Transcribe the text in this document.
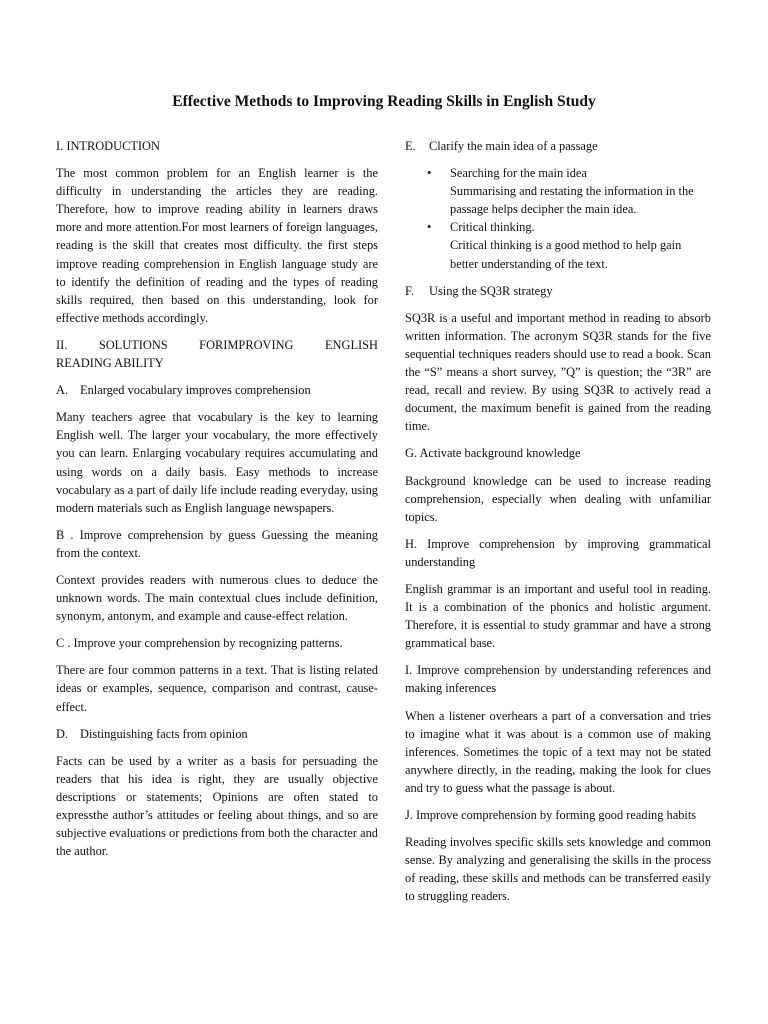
Effective Methods to Improving Reading Skills in English Study

I. INTRODUCTION

The most common problem for an English learner is the difficulty in understanding the articles they are reading. Therefore, how to improve reading ability in learners draws more and more attention.For most learners of foreign languages, reading is the skill that creates most difficulty. the first steps improve reading comprehension in English language study are to identify the definition of reading and the types of reading skills required, then based on this understanding, look for effective methods accordingly.

II. SOLUTIONS FORIMPROVING ENGLISH
READING ABILITY

A. Enlarged vocabulary improves comprehension

Many teachers agree that vocabulary is the key to learning English well. The larger your vocabulary, the more effectively you can learn. Enlarging vocabulary requires accumulating and using words on a daily basis. Easy methods to increase vocabulary as a part of daily life include reading everyday, using modern materials such as English language newspapers.

B . Improve comprehension by guess Guessing the meaning from the context.

Context provides readers with numerous clues to deduce the unknown words. The main contextual clues include definition, synonym, antonym, and example and cause-effect relation.

C . Improve your comprehension by recognizing patterns.

There are four common patterns in a text. That is listing related ideas or examples, sequence, comparison and contrast, cause-effect.

D. Distinguishing facts from opinion

Facts can be used by a writer as a basis for persuading the readers that his idea is right, they are usually objective descriptions or statements; Opinions are often stated to expressthe author’s attitudes or feeling about things, and so are subjective evaluations or predictions from both the character and the author.

E. Clarify the main idea of a passage

• Searching for the main idea
Summarising and restating the information in the passage helps decipher the main idea.
• Critical thinking.
Critical thinking is a good method to help gain better understanding of the text.

F. Using the SQ3R strategy

SQ3R is a useful and important method in reading to absorb written information. The acronym SQ3R stands for the five sequential techniques readers should use to read a book. Scan the “S” means a short survey, ”Q” is question; the “3R” are read, recall and review. By using SQ3R to actively read a document, the maximum benefit is gained from the reading time.

G. Activate background knowledge

Background knowledge can be used to increase reading comprehension, especially when dealing with unfamiliar topics.

H. Improve comprehension by improving grammatical understanding

English grammar is an important and useful tool in reading. It is a combination of the phonics and holistic argument. Therefore, it is essential to study grammar and have a strong grammatical base.

I. Improve comprehension by understanding references and making inferences

When a listener overhears a part of a conversation and tries to imagine what it was about is a common use of making inferences. Sometimes the topic of a text may not be stated anywhere directly, in the reading, making the look for clues and try to guess what the passage is about.

J. Improve comprehension by forming good reading habits

Reading involves specific skills sets knowledge and common sense. By analyzing and generalising the skills in the process of reading, these skills and methods can be transferred easily to struggling readers.
